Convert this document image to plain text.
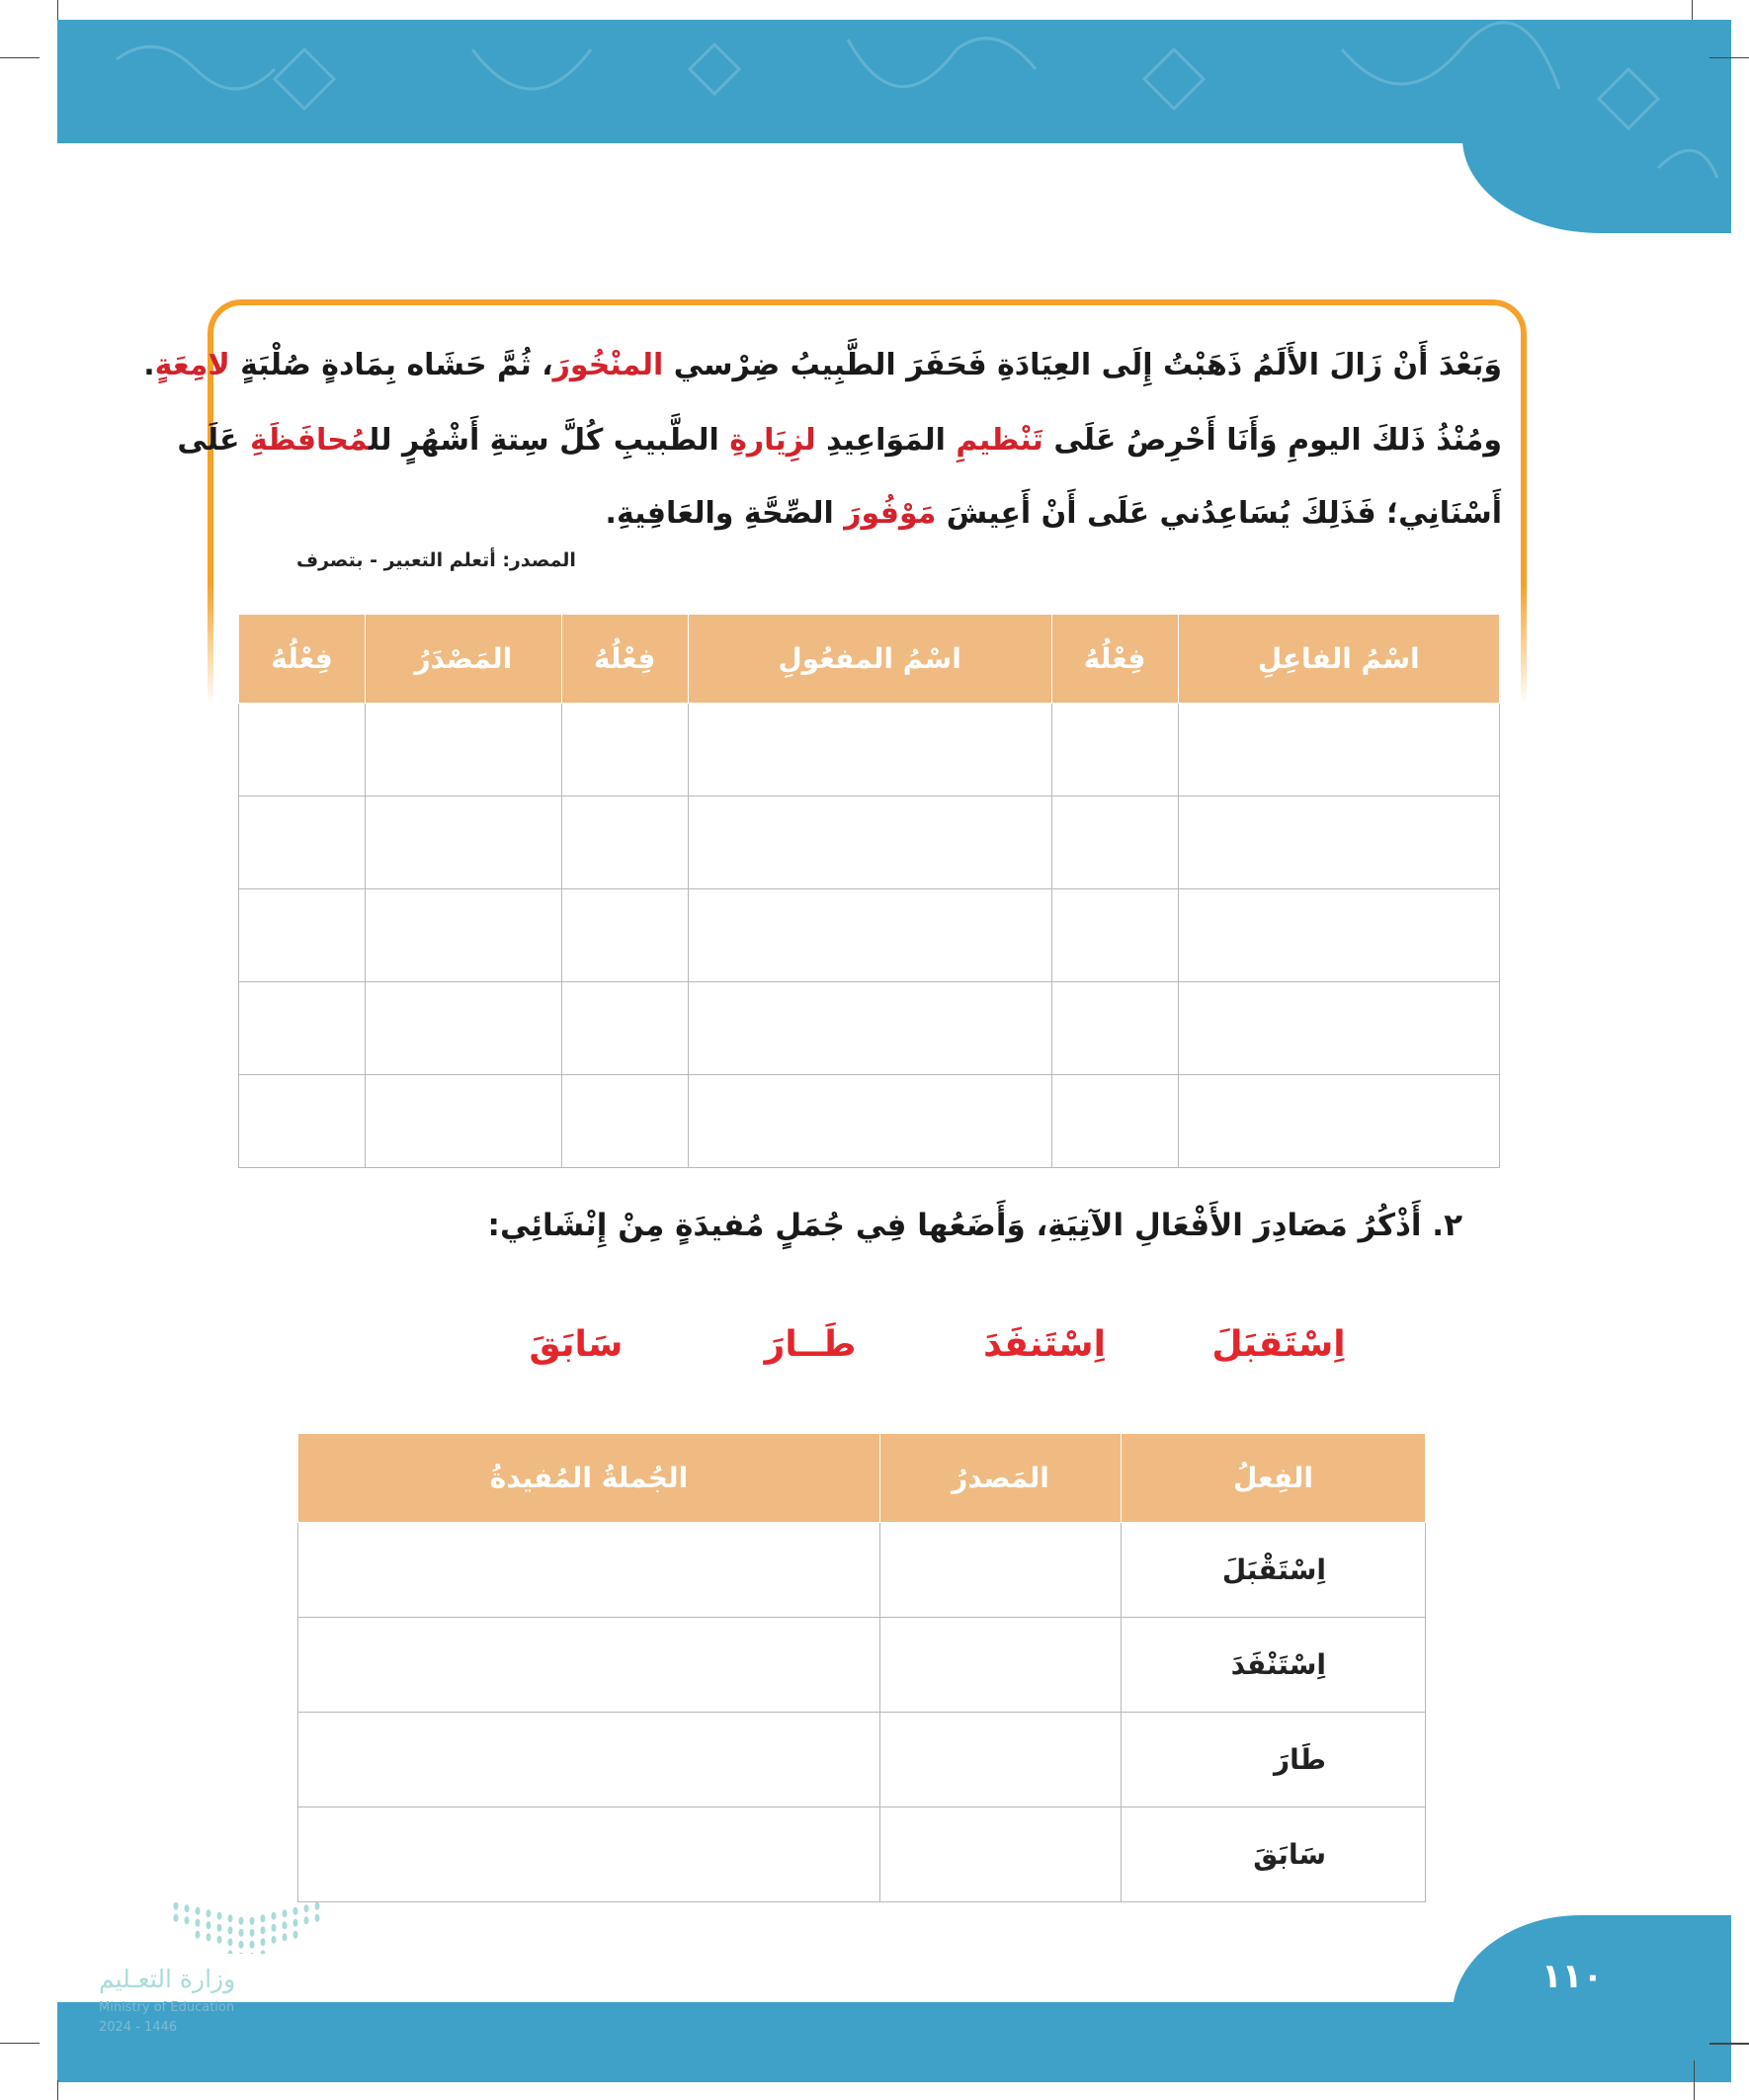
وَبَعْدَ أَنْ زَالَ الأَلَمُ ذَهَبْتُ إِلَى العِيَادَةِ فَحَفَرَ الطَّبِيبُ ضِرْسي المنْخُورَ، ثُمَّ حَشَاه بِمَادةٍ صُلْبَةٍ لامِعَةٍ.
ومُنْذُ ذَلكَ اليومِ وَأَنَا أَحْرِصُ عَلَى تَنْظيمِ المَوَاعِيدِ لزِيَارةِ الطَّبيبِ كُلَّ سِتةِ أَشْهُرٍ للمُحافَظَةِ عَلَى
أَسْنَانِي؛ فَذَلِكَ يُسَاعِدُني عَلَى أَنْ أَعِيشَ مَوْفُورَ الصِّحَّةِ والعَافِيةِ.
المصدر: أتعلم التعبير - بتصرف
اسْمُ الفاعِلِ	فِعْلُهُ	اسْمُ المفعُولِ	فِعْلُهُ	المَصْدَرُ	فِعْلُهُ

٢. أَذْكُرُ مَصَادِرَ الأَفْعَالِ الآتِيَةِ، وَأَضَعُها فِي جُمَلٍ مُفيدَةٍ مِنْ إِنْشَائِي:
اِسْتَقبَلَ
اِسْتَنفَدَ
طَــارَ
سَابَقَ
الفِعلُ	المَصدرُ	الجُملةُ المُفيدةُ
اِسْتَقْبَلَ		
اِسْتَنْفَدَ		
طَارَ		
سَابَقَ		
وزارة التعـليم
Ministry of Education
2024 - 1446
١١٠
